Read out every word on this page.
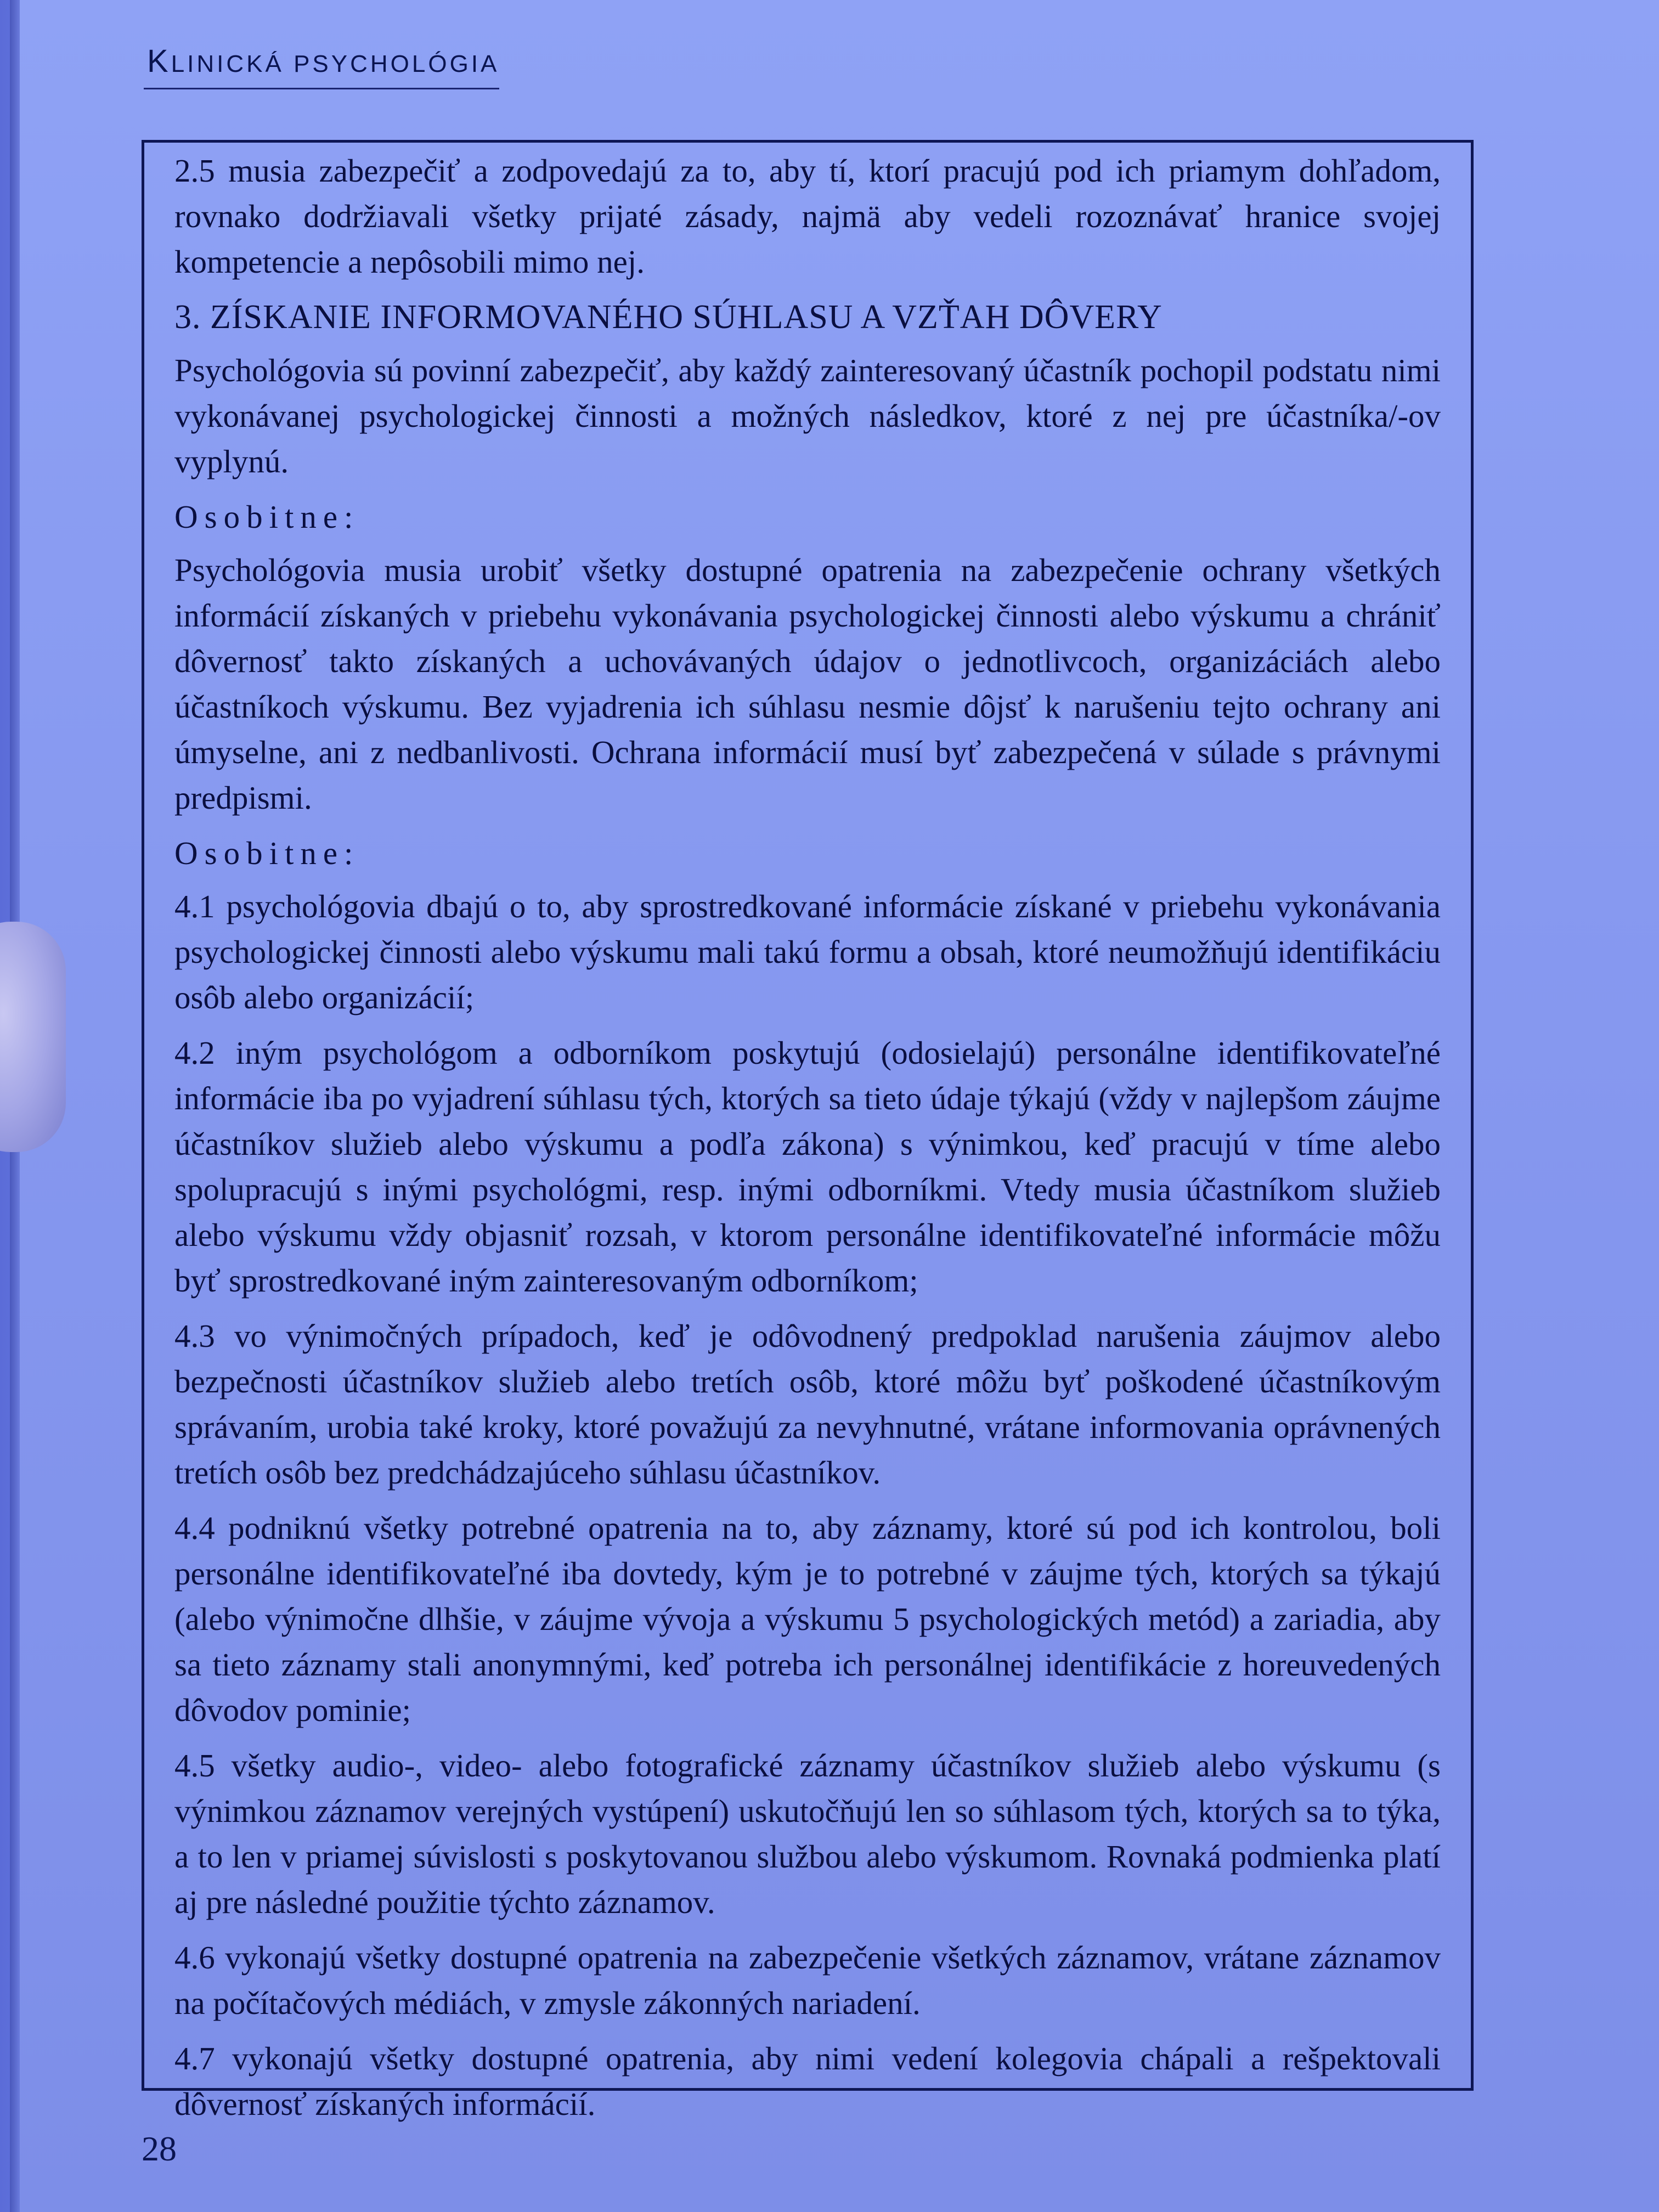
KLINICKÁ PSYCHOLÓGIA

2.5 musia zabezpečiť a zodpovedajú za to, aby tí, ktorí pracujú pod ich priamym dohľadom, rovnako dodržiavali všetky prijaté zásady, najmä aby vedeli rozoznávať hranice svojej kompetencie a nepôsobili mimo nej.

3. ZÍSKANIE INFORMOVANÉHO SÚHLASU A VZŤAH DÔVERY

Psychológovia sú povinní zabezpečiť, aby každý zainteresovaný účastník pochopil podstatu nimi vykonávanej psychologickej činnosti a možných následkov, ktoré z nej pre účastníka/-ov vyplynú.

Osobitne:

Psychológovia musia urobiť všetky dostupné opatrenia na zabezpečenie ochrany všetkých informácií získaných v priebehu vykonávania psychologickej činnosti alebo výskumu a chrániť dôvernosť takto získaných a uchovávaných údajov o jednotlivcoch, organizáciách alebo účastníkoch výskumu. Bez vyjadrenia ich súhlasu nesmie dôjsť k narušeniu tejto ochrany ani úmyselne, ani z nedbanlivosti. Ochrana informácií musí byť zabezpečená v súlade s právnymi predpismi.

Osobitne:

4.1 psychológovia dbajú o to, aby sprostredkované informácie získané v priebehu vykonávania psychologickej činnosti alebo výskumu mali takú formu a obsah, ktoré neumožňujú identifikáciu osôb alebo organizácií;

4.2 iným psychológom a odborníkom poskytujú (odosielajú) personálne identifikovateľné informácie iba po vyjadrení súhlasu tých, ktorých sa tieto údaje týkajú (vždy v najlepšom záujme účastníkov služieb alebo výskumu a podľa zákona) s výnimkou, keď pracujú v tíme alebo spolupracujú s inými psychológmi, resp. inými odborníkmi. Vtedy musia účastníkom služieb alebo výskumu vždy objasniť rozsah, v ktorom personálne identifikovateľné informácie môžu byť sprostredkované iným zainteresovaným odborníkom;

4.3 vo výnimočných prípadoch, keď je odôvodnený predpoklad narušenia záujmov alebo bezpečnosti účastníkov služieb alebo tretích osôb, ktoré môžu byť poškodené účastníkovým správaním, urobia také kroky, ktoré považujú za nevyhnutné, vrátane informovania oprávnených tretích osôb bez predchádzajúceho súhlasu účastníkov.

4.4 podniknú všetky potrebné opatrenia na to, aby záznamy, ktoré sú pod ich kontrolou, boli personálne identifikovateľné iba dovtedy, kým je to potrebné v záujme tých, ktorých sa týkajú (alebo výnimočne dlhšie, v záujme vývoja a výskumu 5 psychologických metód) a zariadia, aby sa tieto záznamy stali anonymnými, keď potreba ich personálnej identifikácie z horeuvedených dôvodov pominie;

4.5 všetky audio-, video- alebo fotografické záznamy účastníkov služieb alebo výskumu (s výnimkou záznamov verejných vystúpení) uskutočňujú len so súhlasom tých, ktorých sa to týka, a to len v priamej súvislosti s poskytovanou službou alebo výskumom. Rovnaká podmienka platí aj pre následné použitie týchto záznamov.

4.6 vykonajú všetky dostupné opatrenia na zabezpečenie všetkých záznamov, vrátane záznamov na počítačových médiách, v zmysle zákonných nariadení.

4.7 vykonajú všetky dostupné opatrenia, aby nimi vedení kolegovia chápali a rešpektovali dôvernosť získaných informácií.

28
